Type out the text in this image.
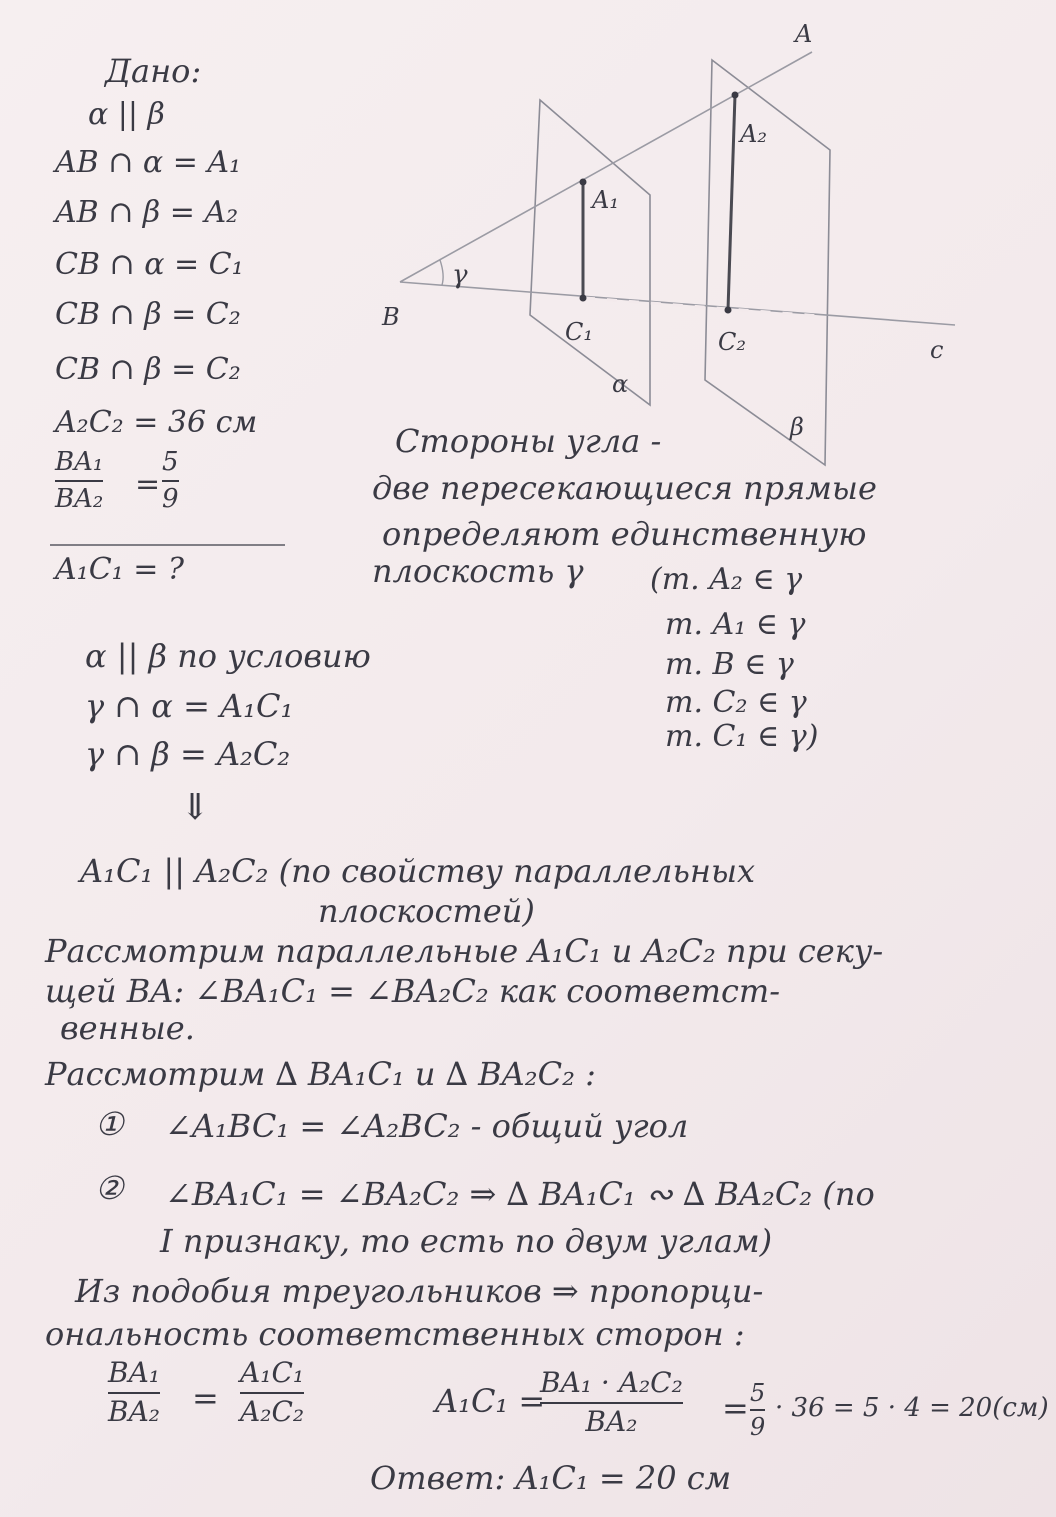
A
A₂
A₁
γ
B
C₁	C₂	c
α
β
Дано:
α || β
AB ∩ α = A₁
AB ∩ β = A₂
CB ∩ α = C₁
CB ∩ β = C₂
CB ∩ β = C₂
A₂C₂ = 36 см
BA₁
BA₂ =
5
9
A₁C₁ = ?
Стороны угла -
две пересекающиеся прямые
определяют единственную
плоскость γ (т. A₂ ∈ γ
т. A₁ ∈ γ
т. B ∈ γ
т. C₂ ∈ γ
т. C₁ ∈ γ)
α || β по условию
γ ∩ α = A₁C₁
γ ∩ β = A₂C₂
⇓
A₁C₁ || A₂C₂ (по свойству параллельных
плоскостей)
Рассмотрим параллельные A₁C₁ и A₂C₂ при секу-
щей BA: ∠BA₁C₁ = ∠BA₂C₂ как соответст-
венные.
Рассмотрим ∆ BA₁C₁ и ∆ BA₂C₂ :
① ∠A₁BC₁ = ∠A₂BC₂ - общий угол
② ∠BA₁C₁ = ∠BA₂C₂ ⇒ ∆ BA₁C₁ ∾ ∆ BA₂C₂ (по
I признаку, то есть по двум углам)
Из подобия треугольников ⇒ пропорци-
ональность соответственных сторон :
BA₁
BA₂ =
A₁C₁
A₂C₂	A₁C₁ =
BA₁ · A₂C₂
BA₂	= 5
9
· 36 = 5 · 4 = 20(см)
Ответ: A₁C₁ = 20 см
